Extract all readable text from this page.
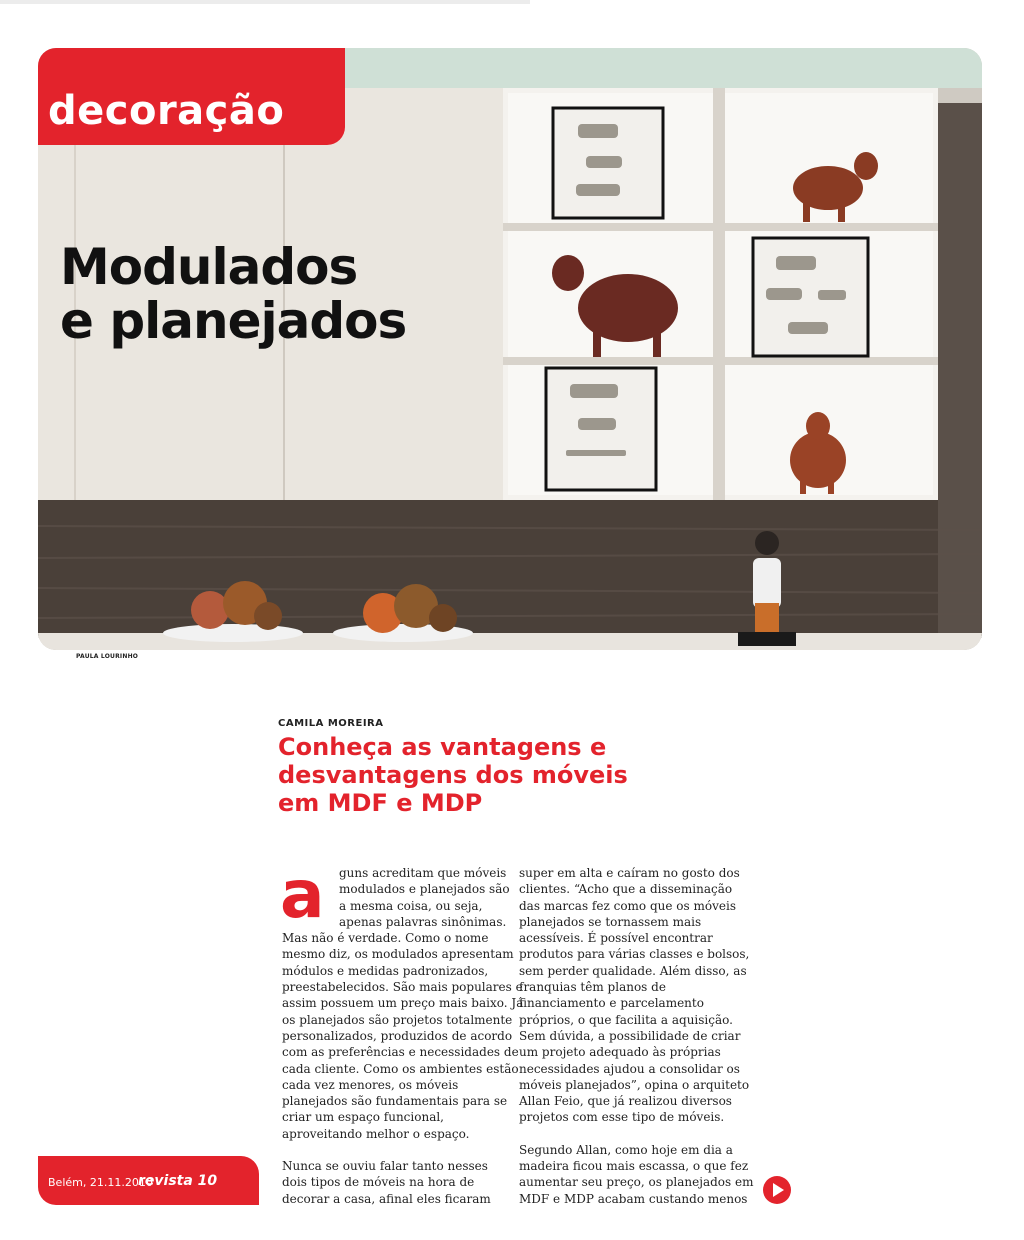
decoração
Modulados
e planejados
PAULA LOURINHO
CAMILA MOREIRA
Conheça as vantagens e
desvantagens dos móveis
em MDF e MDP
a	guns acreditam que móveis
modulados e planejados são
a mesma coisa, ou seja,
apenas palavras sinônimas.
Mas não é verdade. Como o nome
mesmo diz, os modulados apresentam
módulos e medidas padronizados,
preestabelecidos. São mais populares e
assim possuem um preço mais baixo. Já
os planejados são projetos totalmente
personalizados, produzidos de acordo
com as preferências e necessidades de
cada cliente. Como os ambientes estão
cada vez menores, os móveis
planejados são fundamentais para se
criar um espaço funcional,
aproveitando melhor o espaço.

Nunca se ouviu falar tanto nesses
dois tipos de móveis na hora de
decorar a casa, afinal eles ficaram

super em alta e caíram no gosto dos
clientes. “Acho que a disseminação
das marcas fez como que os móveis
planejados se tornassem mais
acessíveis. É possível encontrar
produtos para várias classes e bolsos,
sem perder qualidade. Além disso, as
franquias têm planos de
financiamento e parcelamento
próprios, o que facilita a aquisição.
Sem dúvida, a possibilidade de criar
um projeto adequado às próprias
necessidades ajudou a consolidar os
móveis planejados”, opina o arquiteto
Allan Feio, que já realizou diversos
projetos com esse tipo de móveis.

Segundo Allan, como hoje em dia a
madeira ficou mais escassa, o que fez
aumentar seu preço, os planejados em
MDF e MDP acabam custando menos

Belém, 21.11.2010
revista 10
